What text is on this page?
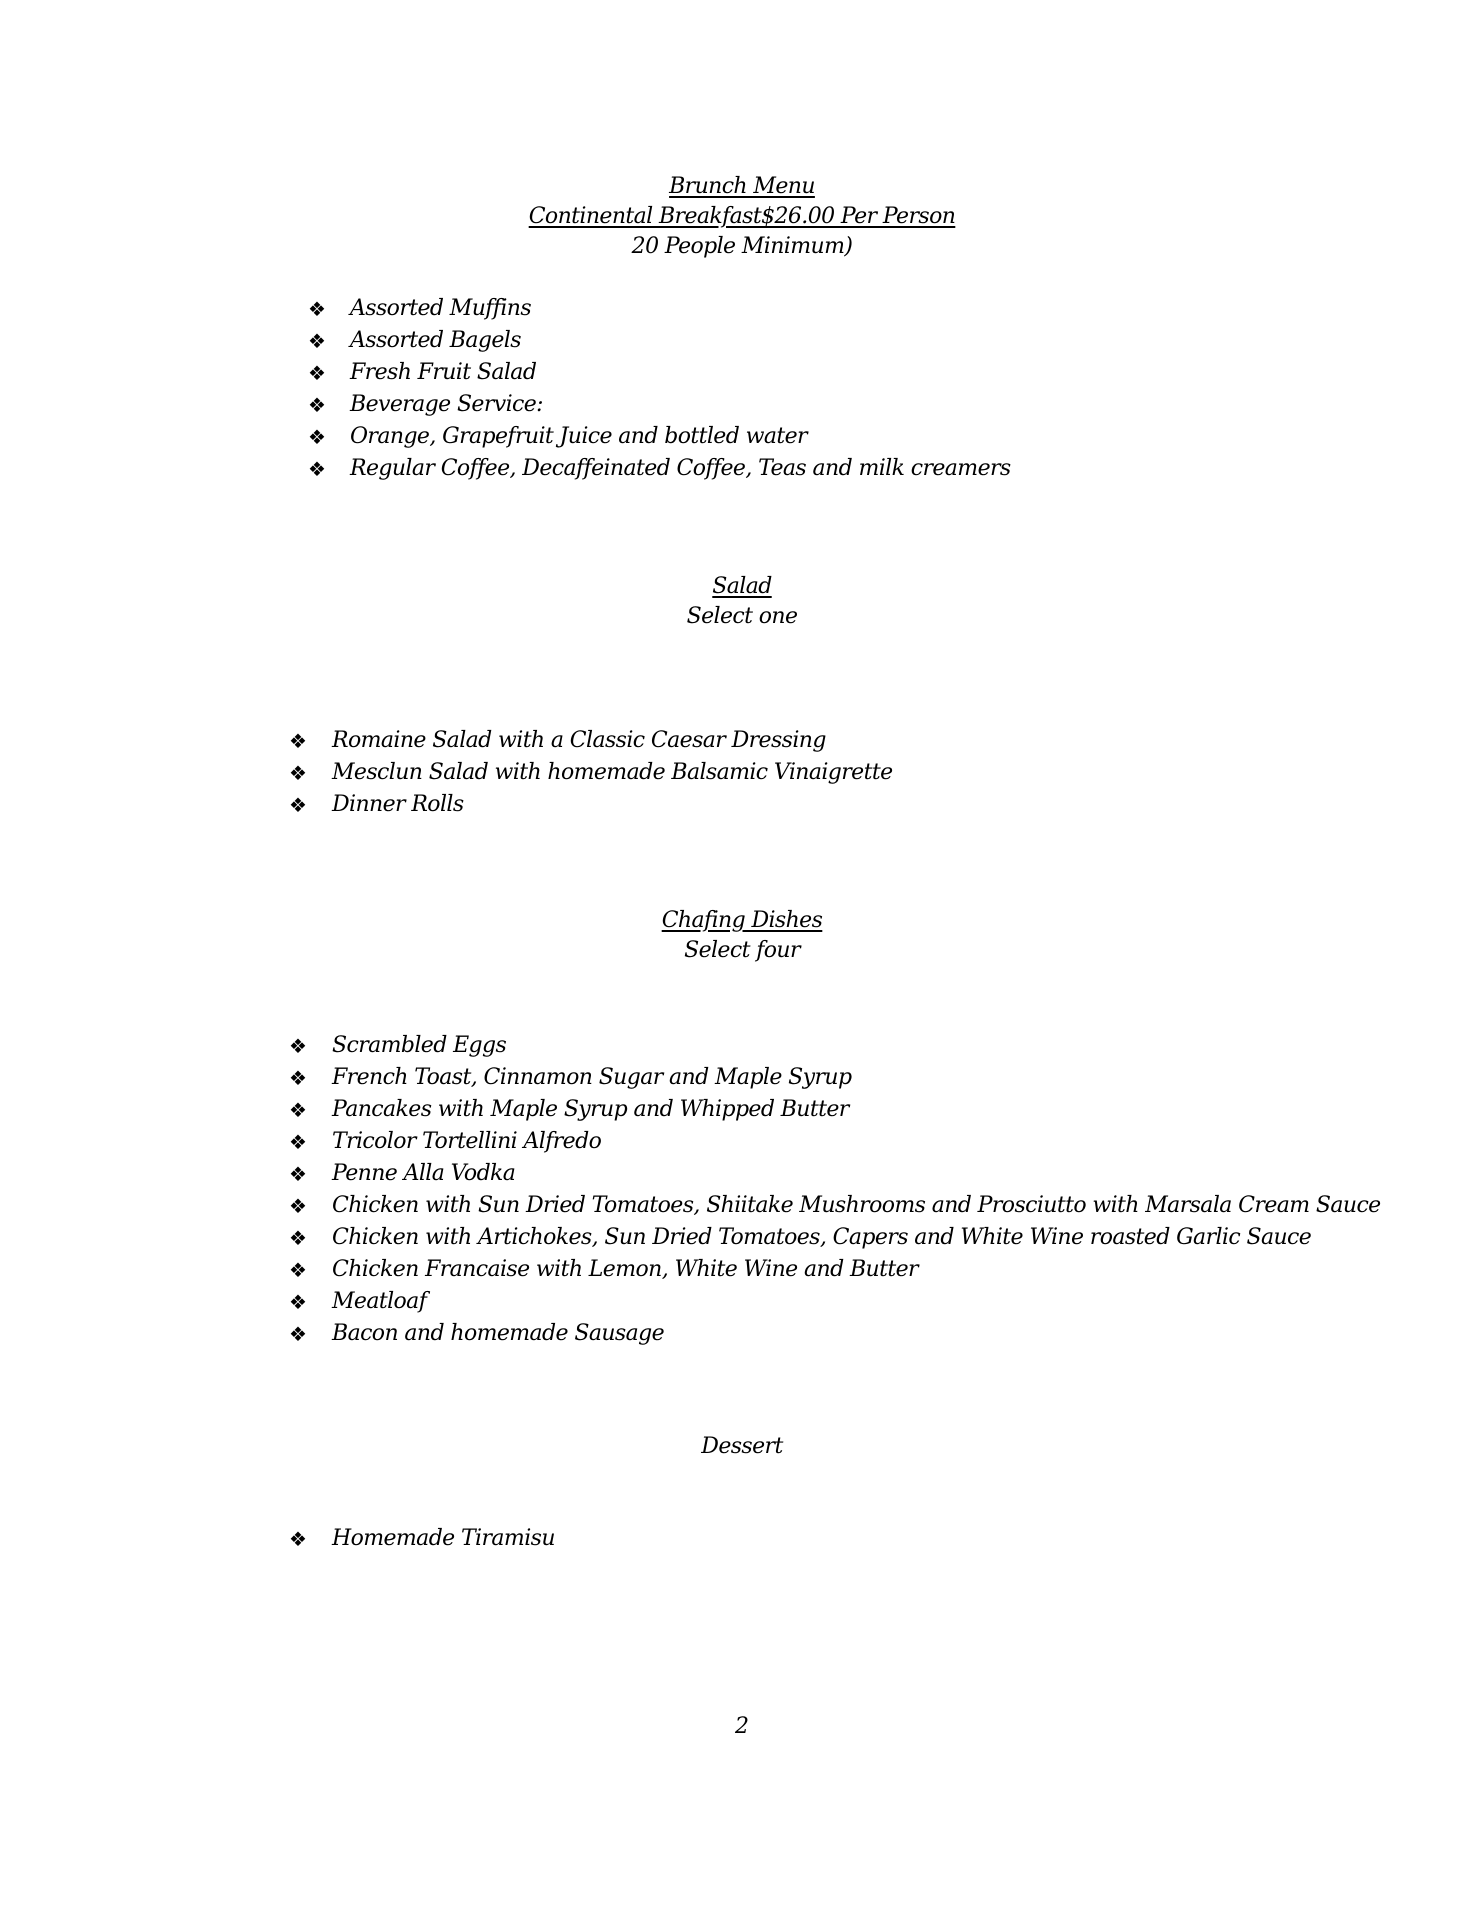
Brunch Menu
Continental Breakfast$26.00 Per Person
20 People Minimum)
❖ Assorted Muffins
❖ Assorted Bagels
❖ Fresh Fruit Salad
❖ Beverage Service:
❖ Orange, Grapefruit Juice and bottled water
❖ Regular Coffee, Decaffeinated Coffee, Teas and milk creamers
Salad
Select one
❖ Romaine Salad with a Classic Caesar Dressing
❖ Mesclun Salad with homemade Balsamic Vinaigrette
❖ Dinner Rolls
Chafing Dishes
Select four
❖ Scrambled Eggs
❖ French Toast, Cinnamon Sugar and Maple Syrup
❖ Pancakes with Maple Syrup and Whipped Butter
❖ Tricolor Tortellini Alfredo
❖ Penne Alla Vodka
❖ Chicken with Sun Dried Tomatoes, Shiitake Mushrooms and Prosciutto with Marsala Cream Sauce
❖ Chicken with Artichokes, Sun Dried Tomatoes, Capers and White Wine roasted Garlic Sauce
❖ Chicken Francaise with Lemon, White Wine and Butter
❖ Meatloaf
❖ Bacon and homemade Sausage
Dessert
❖ Homemade Tiramisu
2
